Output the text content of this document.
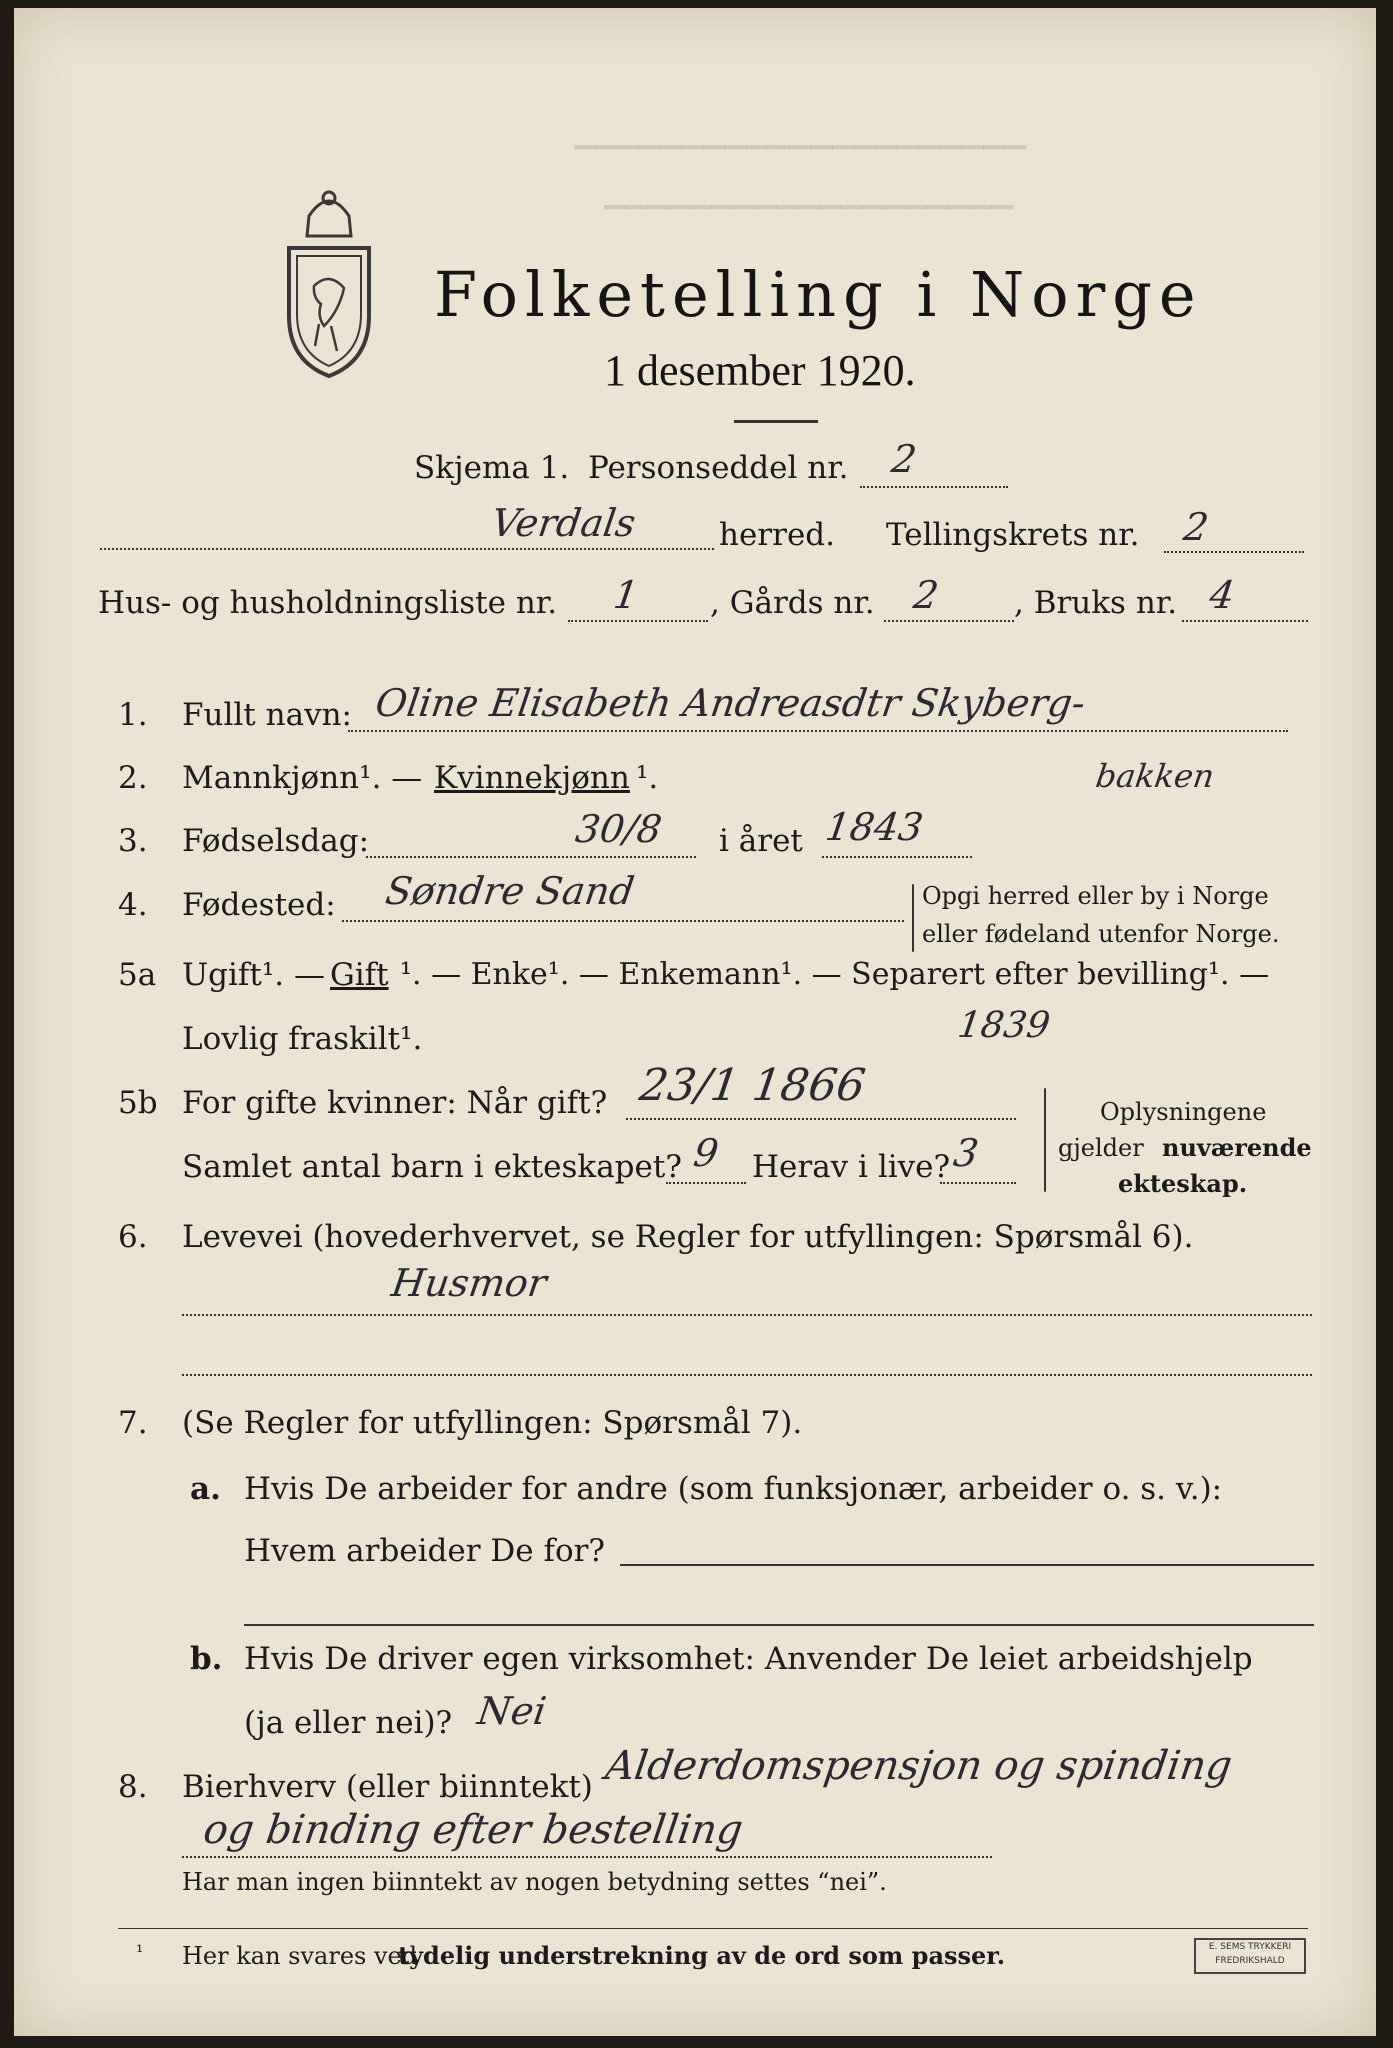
▔▔▔▔▔▔▔▔▔▔▔▔▔▔▔▔▔▔▔▔▔
▔▔▔▔▔▔▔▔▔▔▔▔▔▔▔▔▔▔▔
Folketelling i Norge
1 desember 1920.
Skjema 1. Personseddel nr. 2
Verdals	herred. Tellingskrets nr. 2
Hus- og husholdningsliste nr. 1 , Gårds nr. 2 , Bruks nr. 4
1. Fullt navn: Oline Elisabeth Andreasdtr Skyberg-
bakken
2. Mannkjønn¹. — Kvinnekjønn ¹.
3. Fødselsdag:	30/8 i året 1843
4. Fødested: Søndre Sand	Opgi herred eller by i Norge
eller fødeland utenfor Norge.
5a Ugift¹. — Gift ¹. — Enke¹. — Enkemann¹. — Separert efter bevilling¹. —
Lovlig fraskilt¹.
5b For gifte kvinner: Når gift? 23/1 1866
1839
Samlet antal barn i ekteskapet? 9 Herav i live? 3
Oplysningene
gjelder nuværende
ekteskap.
6. Levevei (hovederhvervet, se Regler for utfyllingen: Spørsmål 6).
Husmor
7. (Se Regler for utfyllingen: Spørsmål 7).
a. Hvis De arbeider for andre (som funksjonær, arbeider o. s. v.):
Hvem arbeider De for?
b. Hvis De driver egen virksomhet: Anvender De leiet arbeidshjelp
(ja eller nei)? Nei
8. Bierhverv (eller biinntekt) Alderdomspensjon og spinding
og binding efter bestelling
Har man ingen biinntekt av nogen betydning settes “nei”.
¹ Her kan svares ved
tydelig understrekning av de ord som passer.	E. SEMS TRYKKERI FREDRIKSHALD
